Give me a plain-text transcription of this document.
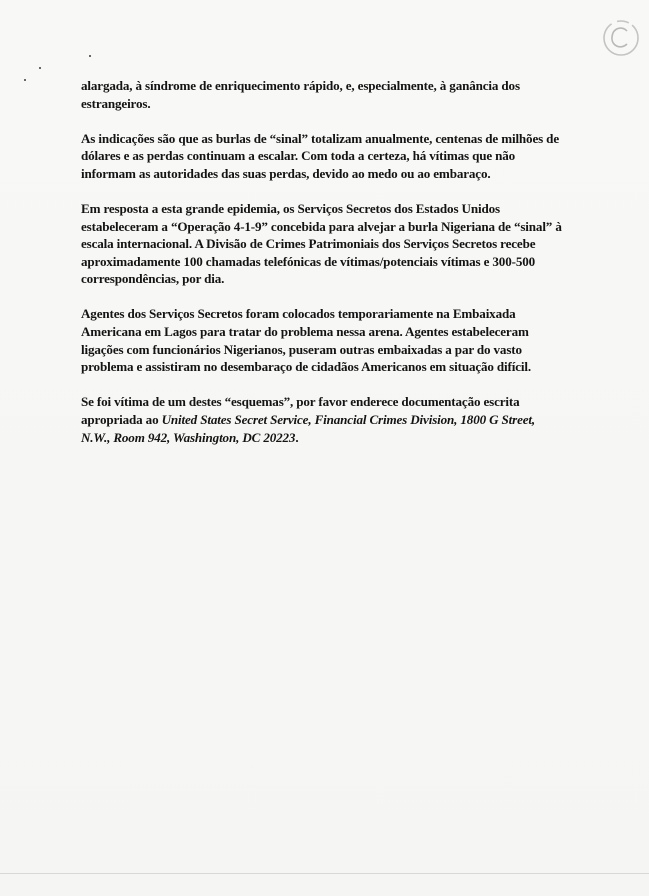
alargada, à síndrome de enriquecimento rápido, e, especialmente, à ganância dos
estrangeiros.

As indicações são que as burlas de “sinal” totalizam anualmente, centenas de milhões de
dólares e as perdas continuam a escalar. Com toda a certeza, há vítimas que não
informam as autoridades das suas perdas, devido ao medo ou ao embaraço.

Em resposta a esta grande epidemia, os Serviços Secretos dos Estados Unidos
estabeleceram a “Operação 4-1-9” concebida para alvejar a burla Nigeriana de “sinal” à
escala internacional. A Divisão de Crimes Patrimoniais dos Serviços Secretos recebe
aproximadamente 100 chamadas telefónicas de vítimas/potenciais vítimas e 300-500
correspondências, por dia.

Agentes dos Serviços Secretos foram colocados temporariamente na Embaixada
Americana em Lagos para tratar do problema nessa arena. Agentes estabeleceram
ligações com funcionários Nigerianos, puseram outras embaixadas a par do vasto
problema e assistiram no desembaraço de cidadãos Americanos em situação difícil.

Se foi vítima de um destes “esquemas”, por favor enderece documentação escrita
apropriada ao United States Secret Service, Financial Crimes Division, 1800 G Street,
N.W., Room 942, Washington, DC 20223.
